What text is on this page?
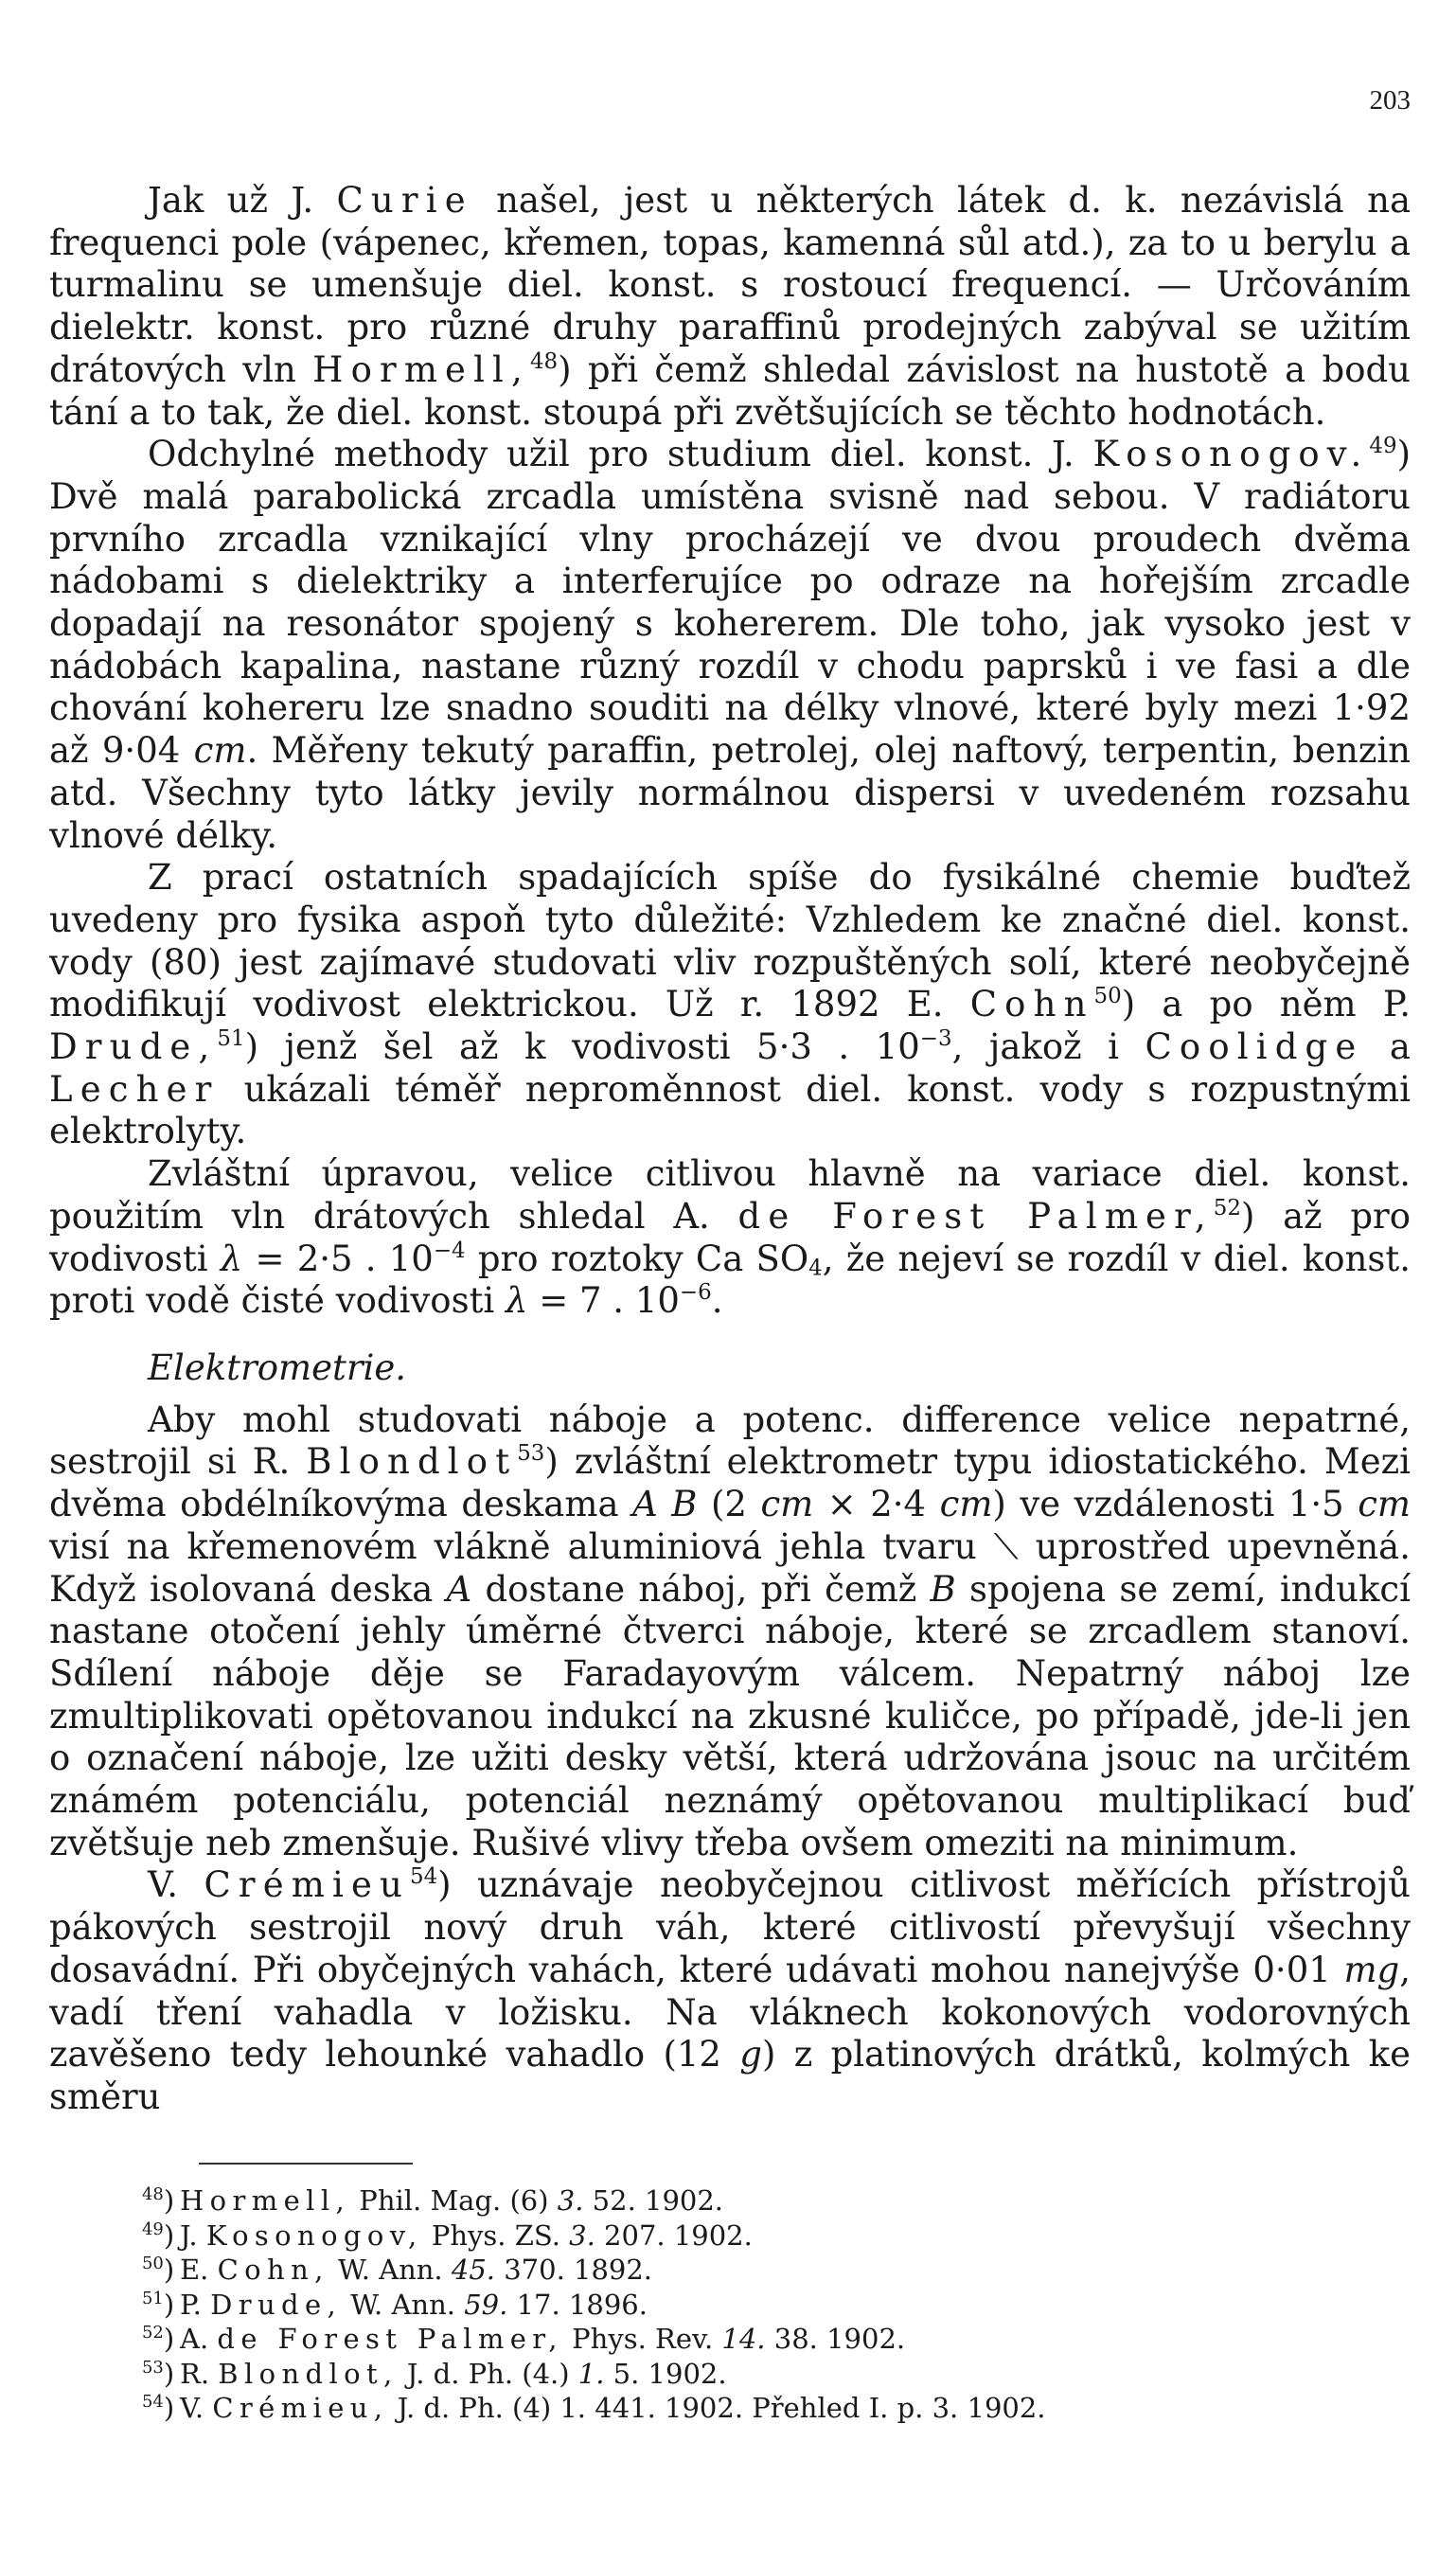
203

Jak už J. Curie našel, jest u některých látek d. k. nezávislá na frequenci pole (vápenec, křemen, topas, kamenná sůl atd.), za to u berylu a turmalinu se umenšuje diel. konst. s rostoucí frequencí. — Určováním dielektr. konst. pro různé druhy paraffinů prodejných zabýval se užitím drátových vln Hormell,$^{48}$) při čemž shledal závislost na hustotě a bodu tání a to tak, že diel. konst. stoupá při zvětšujících se těchto hodnotách.

Odchylné methody užil pro studium diel. konst. J. Kosonogov.$^{49}$) Dvě malá parabolická zrcadla umístěna svisně nad sebou. V radiátoru prvního zrcadla vznikající vlny procházejí ve dvou proudech dvěma nádobami s dielektriky a interferujíce po odraze na hořejším zrcadle dopadají na resonátor spojený s kohererem. Dle toho, jak vysoko jest v nádobách kapalina, nastane různý rozdíl v chodu paprsků i ve fasi a dle chování kohereru lze snadno souditi na délky vlnové, které byly mezi 1·92 až 9·04 cm. Měřeny tekutý paraffin, petrolej, olej naftový, terpentin, benzin atd. Všechny tyto látky jevily normálnou dispersi v uvedeném rozsahu vlnové délky.

Z prací ostatních spadajících spíše do fysikálné chemie buďtež uvedeny pro fysika aspoň tyto důležité: Vzhledem ke značné diel. konst. vody (80) jest zajímavé studovati vliv rozpuštěných solí, které neobyčejně modifikují vodivost elektrickou. Už r. 1892 E. Cohn$^{50}$) a po něm P. Drude,$^{51}$) jenž šel až k vodivosti 5·3 . $10^{-3}$, jakož i Coolidge a Lecher ukázali téměř neproměnnost diel. konst. vody s rozpustnými elektrolyty.

Zvláštní úpravou, velice citlivou hlavně na variace diel. konst. použitím vln drátových shledal A. de Forest Palmer,$^{52}$) až pro vodivosti λ = 2·5 . $10^{-4}$ pro roztoky Ca $SO_4$, že nejeví se rozdíl v diel. konst. proti vodě čisté vodivosti λ = 7 . $10^{-6}$.

Elektrometrie.

Aby mohl studovati náboje a potenc. difference velice nepatrné, sestrojil si R. Blondlot$^{53}$) zvláštní elektrometr typu idiostatického. Mezi dvěma obdélníkovýma deskama A B (2 cm × 2·4 cm) ve vzdálenosti 1·5 cm visí na křemenovém vlákně aluminiová jehla tvaru ⟍ uprostřed upevněná. Když isolovaná deska A dostane náboj, při čemž B spojena se zemí, indukcí nastane otočení jehly úměrné čtverci náboje, které se zrcadlem stanoví. Sdílení náboje děje se Faradayovým válcem. Nepatrný náboj lze zmultiplikovati opětovanou indukcí na zkusné kuličce, po případě, jde-li jen o označení náboje, lze užiti desky větší, která udržována jsouc na určitém známém potenciálu, potenciál neznámý opětovanou multiplikací buď zvětšuje neb zmenšuje. Rušivé vlivy třeba ovšem omeziti na minimum.

V. Crémieu$^{54}$) uznávaje neobyčejnou citlivost měřících přístrojů pákových sestrojil nový druh váh, které citlivostí převyšují všechny dosavádní. Při obyčejných vahách, které udávati mohou nanejvýše 0·01 mg, vadí tření vahadla v ložisku. Na vláknech kokonových vodorovných zavěšeno tedy lehounké vahadlo (12 g) z platinových drátků, kolmých ke směru

$^{48}$) Hormell, Phil. Mag. (6) 3. 52. 1902.

$^{49}$) J. Kosonogov, Phys. ZS. 3. 207. 1902.

$^{50}$) E. Cohn, W. Ann. 45. 370. 1892.

$^{51}$) P. Drude, W. Ann. 59. 17. 1896.

$^{52}$) A. de Forest Palmer, Phys. Rev. 14. 38. 1902.

$^{53}$) R. Blondlot, J. d. Ph. (4.) 1. 5. 1902.

$^{54}$) V. Crémieu, J. d. Ph. (4) 1. 441. 1902. Přehled I. p. 3. 1902.
